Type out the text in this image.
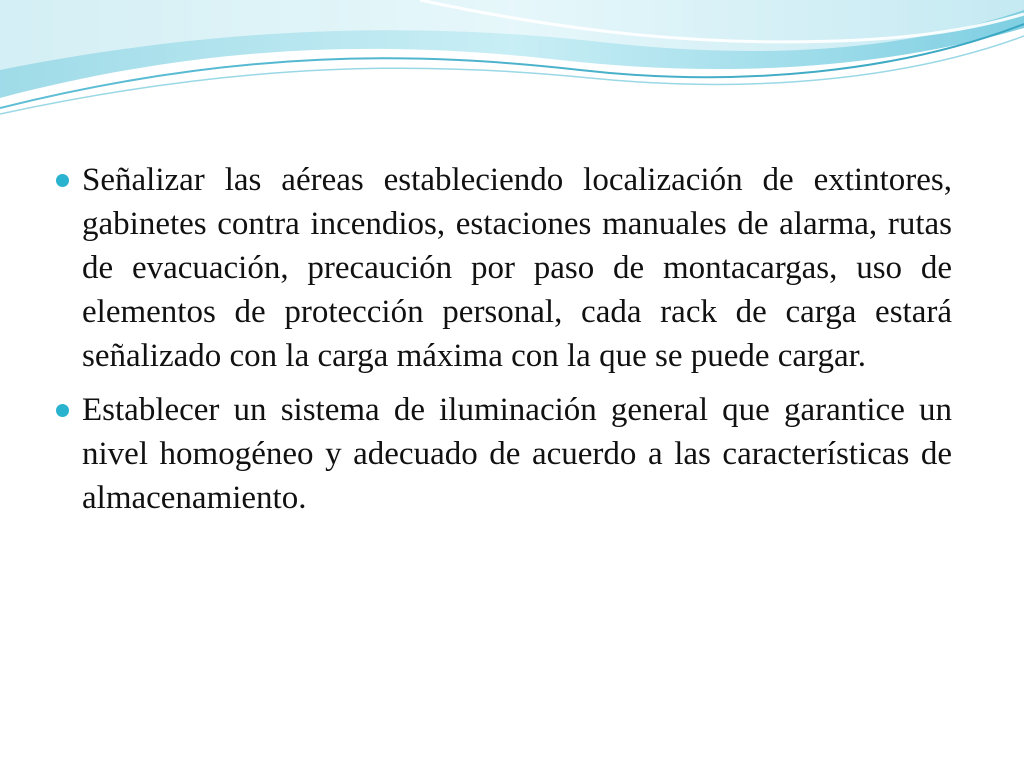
Señalizar las aéreas estableciendo localización de extintores, gabinetes contra incendios, estaciones manuales de alarma, rutas de evacuación, precaución por paso de montacargas, uso de elementos de protección personal, cada rack de carga estará señalizado con la carga máxima con la que se puede cargar.
Establecer un sistema de iluminación general que garantice un nivel homogéneo y adecuado de acuerdo a las características de almacenamiento.
